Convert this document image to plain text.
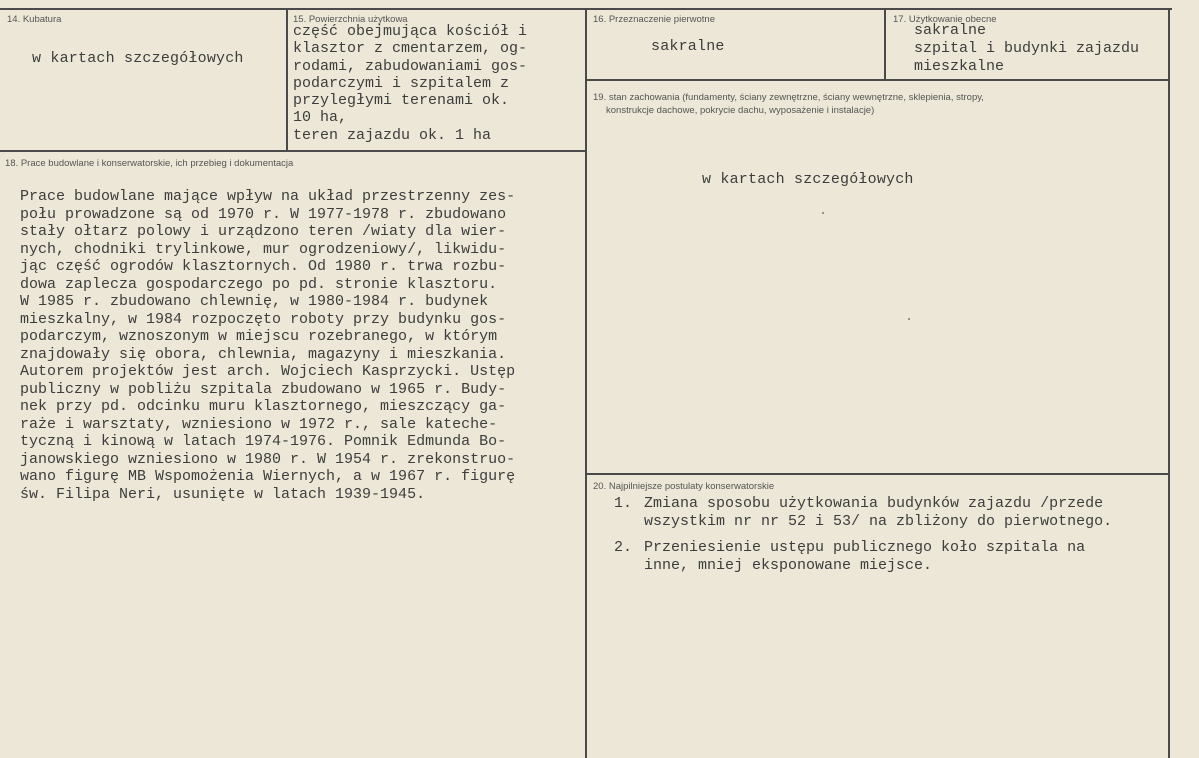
14. Kubatura
w kartach szczegółowych
15. Powierzchnia użytkowa
część obejmująca kościół i
klasztor z cmentarzem, og-
rodami, zabudowaniami gos-
podarczymi i szpitalem z
przyległymi terenami ok.
10 ha,
teren zajazdu ok. 1 ha
16. Przeznaczenie pierwotne
sakralne
17. Użytkowanie obecne
sakralne
szpital i budynki zajazdu
mieszkalne
18. Prace budowlane i konserwatorskie, ich przebieg i dokumentacja
Prace budowlane mające wpływ na układ przestrzenny zes-
połu prowadzone są od 1970 r. W 1977-1978 r. zbudowano
stały ołtarz polowy i urządzono teren /wiaty dla wier-
nych, chodniki trylinkowe, mur ogrodzeniowy/, likwidu-
jąc część ogrodów klasztornych. Od 1980 r. trwa rozbu-
dowa zaplecza gospodarczego po pd. stronie klasztoru.
W 1985 r. zbudowano chlewnię, w 1980-1984 r. budynek
mieszkalny, w 1984 rozpoczęto roboty przy budynku gos-
podarczym, wznoszonym w miejscu rozebranego, w którym
znajdowały się obora, chlewnia, magazyny i mieszkania.
Autorem projektów jest arch. Wojciech Kasprzycki. Ustęp
publiczny w pobliżu szpitala zbudowano w 1965 r. Budy-
nek przy pd. odcinku muru klasztornego, mieszczący ga-
raże i warsztaty, wzniesiono w 1972 r., sale kateche-
tyczną i kinową w latach 1974-1976. Pomnik Edmunda Bo-
janowskiego wzniesiono w 1980 r. W 1954 r. zrekonstruo-
wano figurę MB Wspomożenia Wiernych, a w 1967 r. figurę
św. Filipa Neri, usunięte w latach 1939-1945.
19. stan zachowania (fundamenty, ściany zewnętrzne, ściany wewnętrzne, sklepienia, stropy,
konstrukcje dachowe, pokrycie dachu, wyposażenie i instalacje)
w kartach szczegółowych
20. Najpilniejsze postulaty konserwatorskie
1. Zmiana sposobu użytkowania budynków zajazdu /przede
wszystkim nr nr 52 i 53/ na zbliżony do pierwotnego.
2. Przeniesienie ustępu publicznego koło szpitala na
inne, mniej eksponowane miejsce.
